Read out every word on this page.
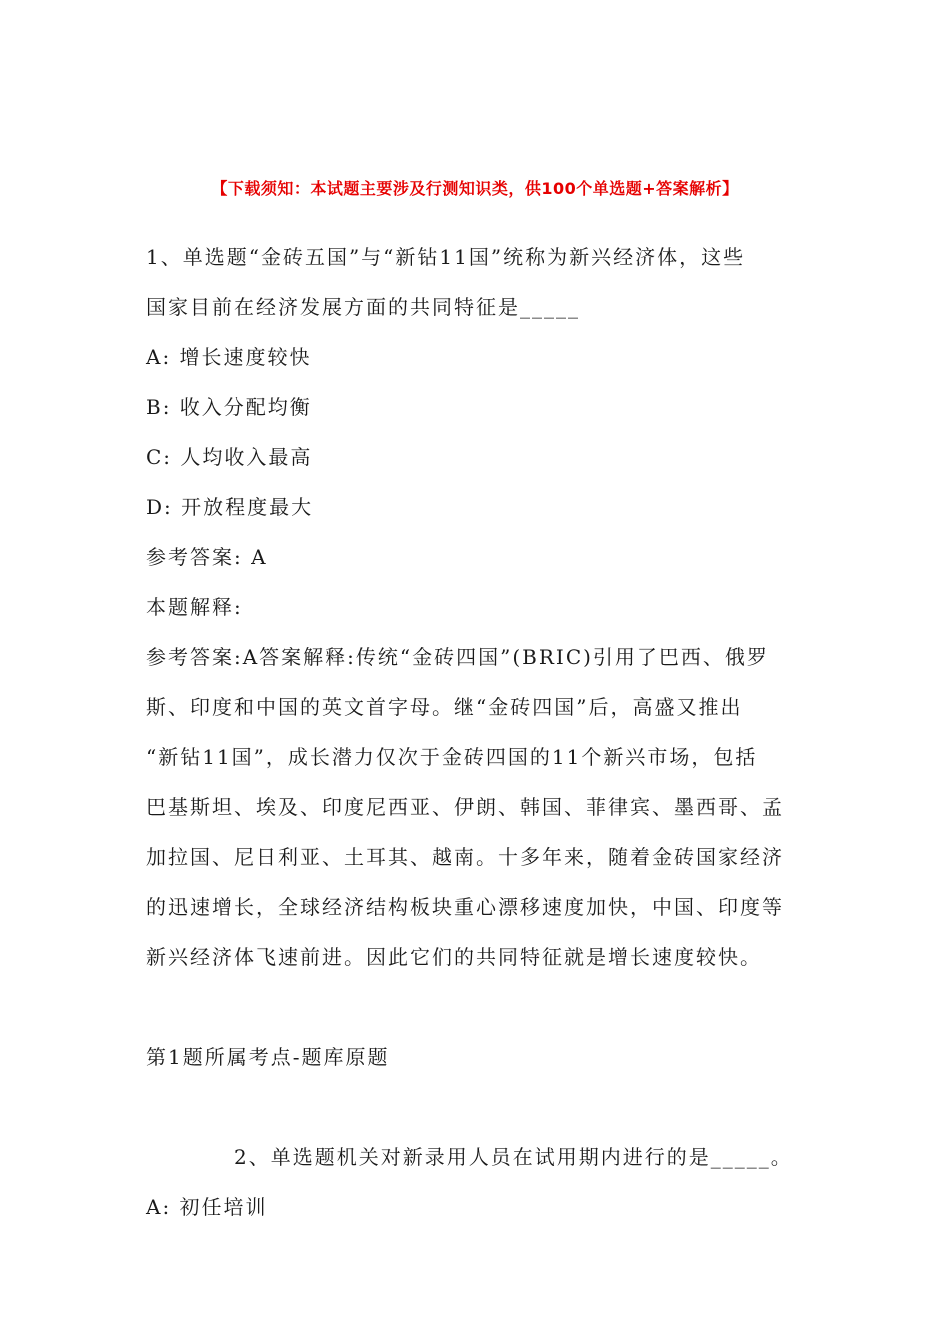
【下载须知：本试题主要涉及行测知识类，供100个单选题+答案解析】

1、单选题“金砖五国”与“新钻11国”统称为新兴经济体，这些

国家目前在经济发展方面的共同特征是_____

A: 增长速度较快

B: 收入分配均衡

C: 人均收入最高

D: 开放程度最大

参考答案: A

本题解释:

参考答案:A答案解释:传统“金砖四国”(BRIC)引用了巴西、俄罗

斯、印度和中国的英文首字母。继“金砖四国”后，高盛又推出

“新钻11国”，成长潜力仅次于金砖四国的11个新兴市场，包括

巴基斯坦、埃及、印度尼西亚、伊朗、韩国、菲律宾、墨西哥、孟

加拉国、尼日利亚、土耳其、越南。十多年来，随着金砖国家经济

的迅速增长，全球经济结构板块重心漂移速度加快，中国、印度等

新兴经济体飞速前进。因此它们的共同特征就是增长速度较快。

第1题所属考点-题库原题

2、单选题机关对新录用人员在试用期内进行的是_____。

A: 初任培训
